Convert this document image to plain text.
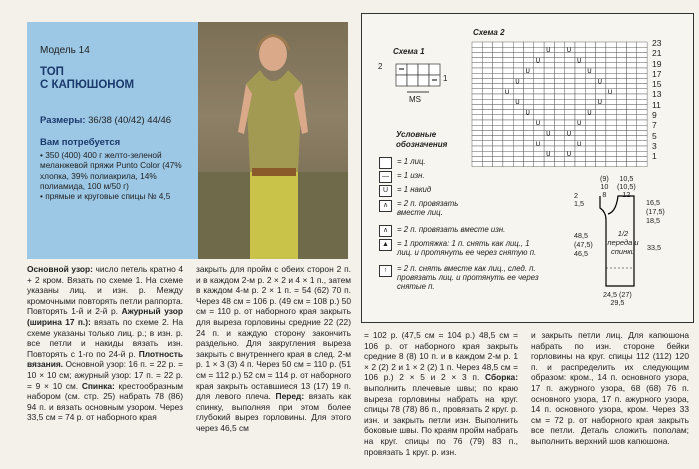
Модель 14
ТОП
С КАПЮШОНОМ
Размеры: 36/38 (40/42) 44/46
Вам потребуется
• 350 (400) 400 г желто-зеленой меланжевой пряжи Punto Color (47% хлопка, 39% полиакрила, 14% полиамида, 100 м/50 г)
• прямые и круговые спицы № 4,5
Основной узор: число петель кратно 4 + 2 кром. Вязать по схеме 1. На схеме указаны лиц. и изн. р. Между кромочными повторять петли раппорта. Повторять 1-й и 2-й р. Ажурный узор (ширина 17 п.): вязать по схеме 2. На схеме указаны только лиц. р.; в изн. р. все петли и накиды вязать изн. Повторять с 1-го по 24-й р. Плотность вязания. Основной узор: 16 п. = 22 р. = 10 × 10 см; ажурный узор: 17 п. = 22 р. = 9 × 10 см. Спинка: крестообразным набором (см. стр. 25) набрать 78 (86) 94 п. и вязать основным узором. Через 33,5 см = 74 р. от наборного края
закрыть для пройм с обеих сторон 2 п. и в каждом 2-м р. 2 × 2 и 4 × 1 п., затем в каждом 4-м р. 2 × 1 п. = 54 (62) 70 п. Через 48 см = 106 р. (49 см = 108 р.) 50 см = 110 р. от наборного края закрыть для выреза горловины средние 22 (22) 24 п. и каждую сторону закончить раздельно. Для закругления выреза закрыть с внутреннего края в след. 2-м р. 1 × 3 (3) 4 п. Через 50 см = 110 р. (51 см = 112 р.) 52 см = 114 р. от наборного края закрыть оставшиеся 13 (17) 19 п. для левого плеча. Перед: вязать как спинку, выполняя при этом более глубокий вырез горловины. Для этого через 46,5 см
Схема 1
2
1
MS
Схема 2
U	U
U	U
U	U
U	U
U	U
U	U
U	U
U	U
U	U
U	U
U	U
23
21
19
17
15
13
11
9
7
5
3
1
Условные обозначения
= 1 лиц.
—	= 1 изн.
U	= 1 накид
∧	= 2 п. провязать вместе лиц.
∧	= 2 п. провязать вместе изн.
▲	= 1 протяжка: 1 п. снять как лиц., 1 лиц. и протянуть ее через снятую п.
↑	= 2 п. снять вместе как лиц., след. п. провязать лиц. и протянуть ее через снятые п.
(9)
10
8
10,5
(10,5)
12
2
1,5
48,5
(47,5)
46,5
16,5
(17,5)
18,5
33,5
1/2 переда и спинки
24,5 (27)
29,5
= 102 р. (47,5 см = 104 р.) 48,5 см = 106 р. от наборного края закрыть средние 8 (8) 10 п. и в каждом 2-м р. 1 × 2 (2) 2 и 1 × 2 (2) 1 п. Через 48,5 см = 106 р.) 2 × 5 и 2 × 3 п. Сборка: выполнить плечевые швы; по краю выреза горловины набрать на круг. спицы 78 (78) 86 п., провязать 2 круг. р. изн. и закрыть петли изн. Выполнить боковые швы. По краям пройм набрать на круг. спицы по 76 (79) 83 п., провязать 1 круг. р. изн.
и закрыть петли лиц. Для капюшона набрать по изн. стороне бейки горловины на круг. спицы 112 (112) 120 п. и распределить их следующим образом: кром., 14 п. основного узора, 17 п. ажурного узора, 68 (68) 76 п. основного узора, 17 п. ажурного узора, 14 п. основного узора, кром. Через 33 см = 72 р. от наборного края закрыть все петли. Деталь сложить пополам; выполнить верхний шов капюшона.
